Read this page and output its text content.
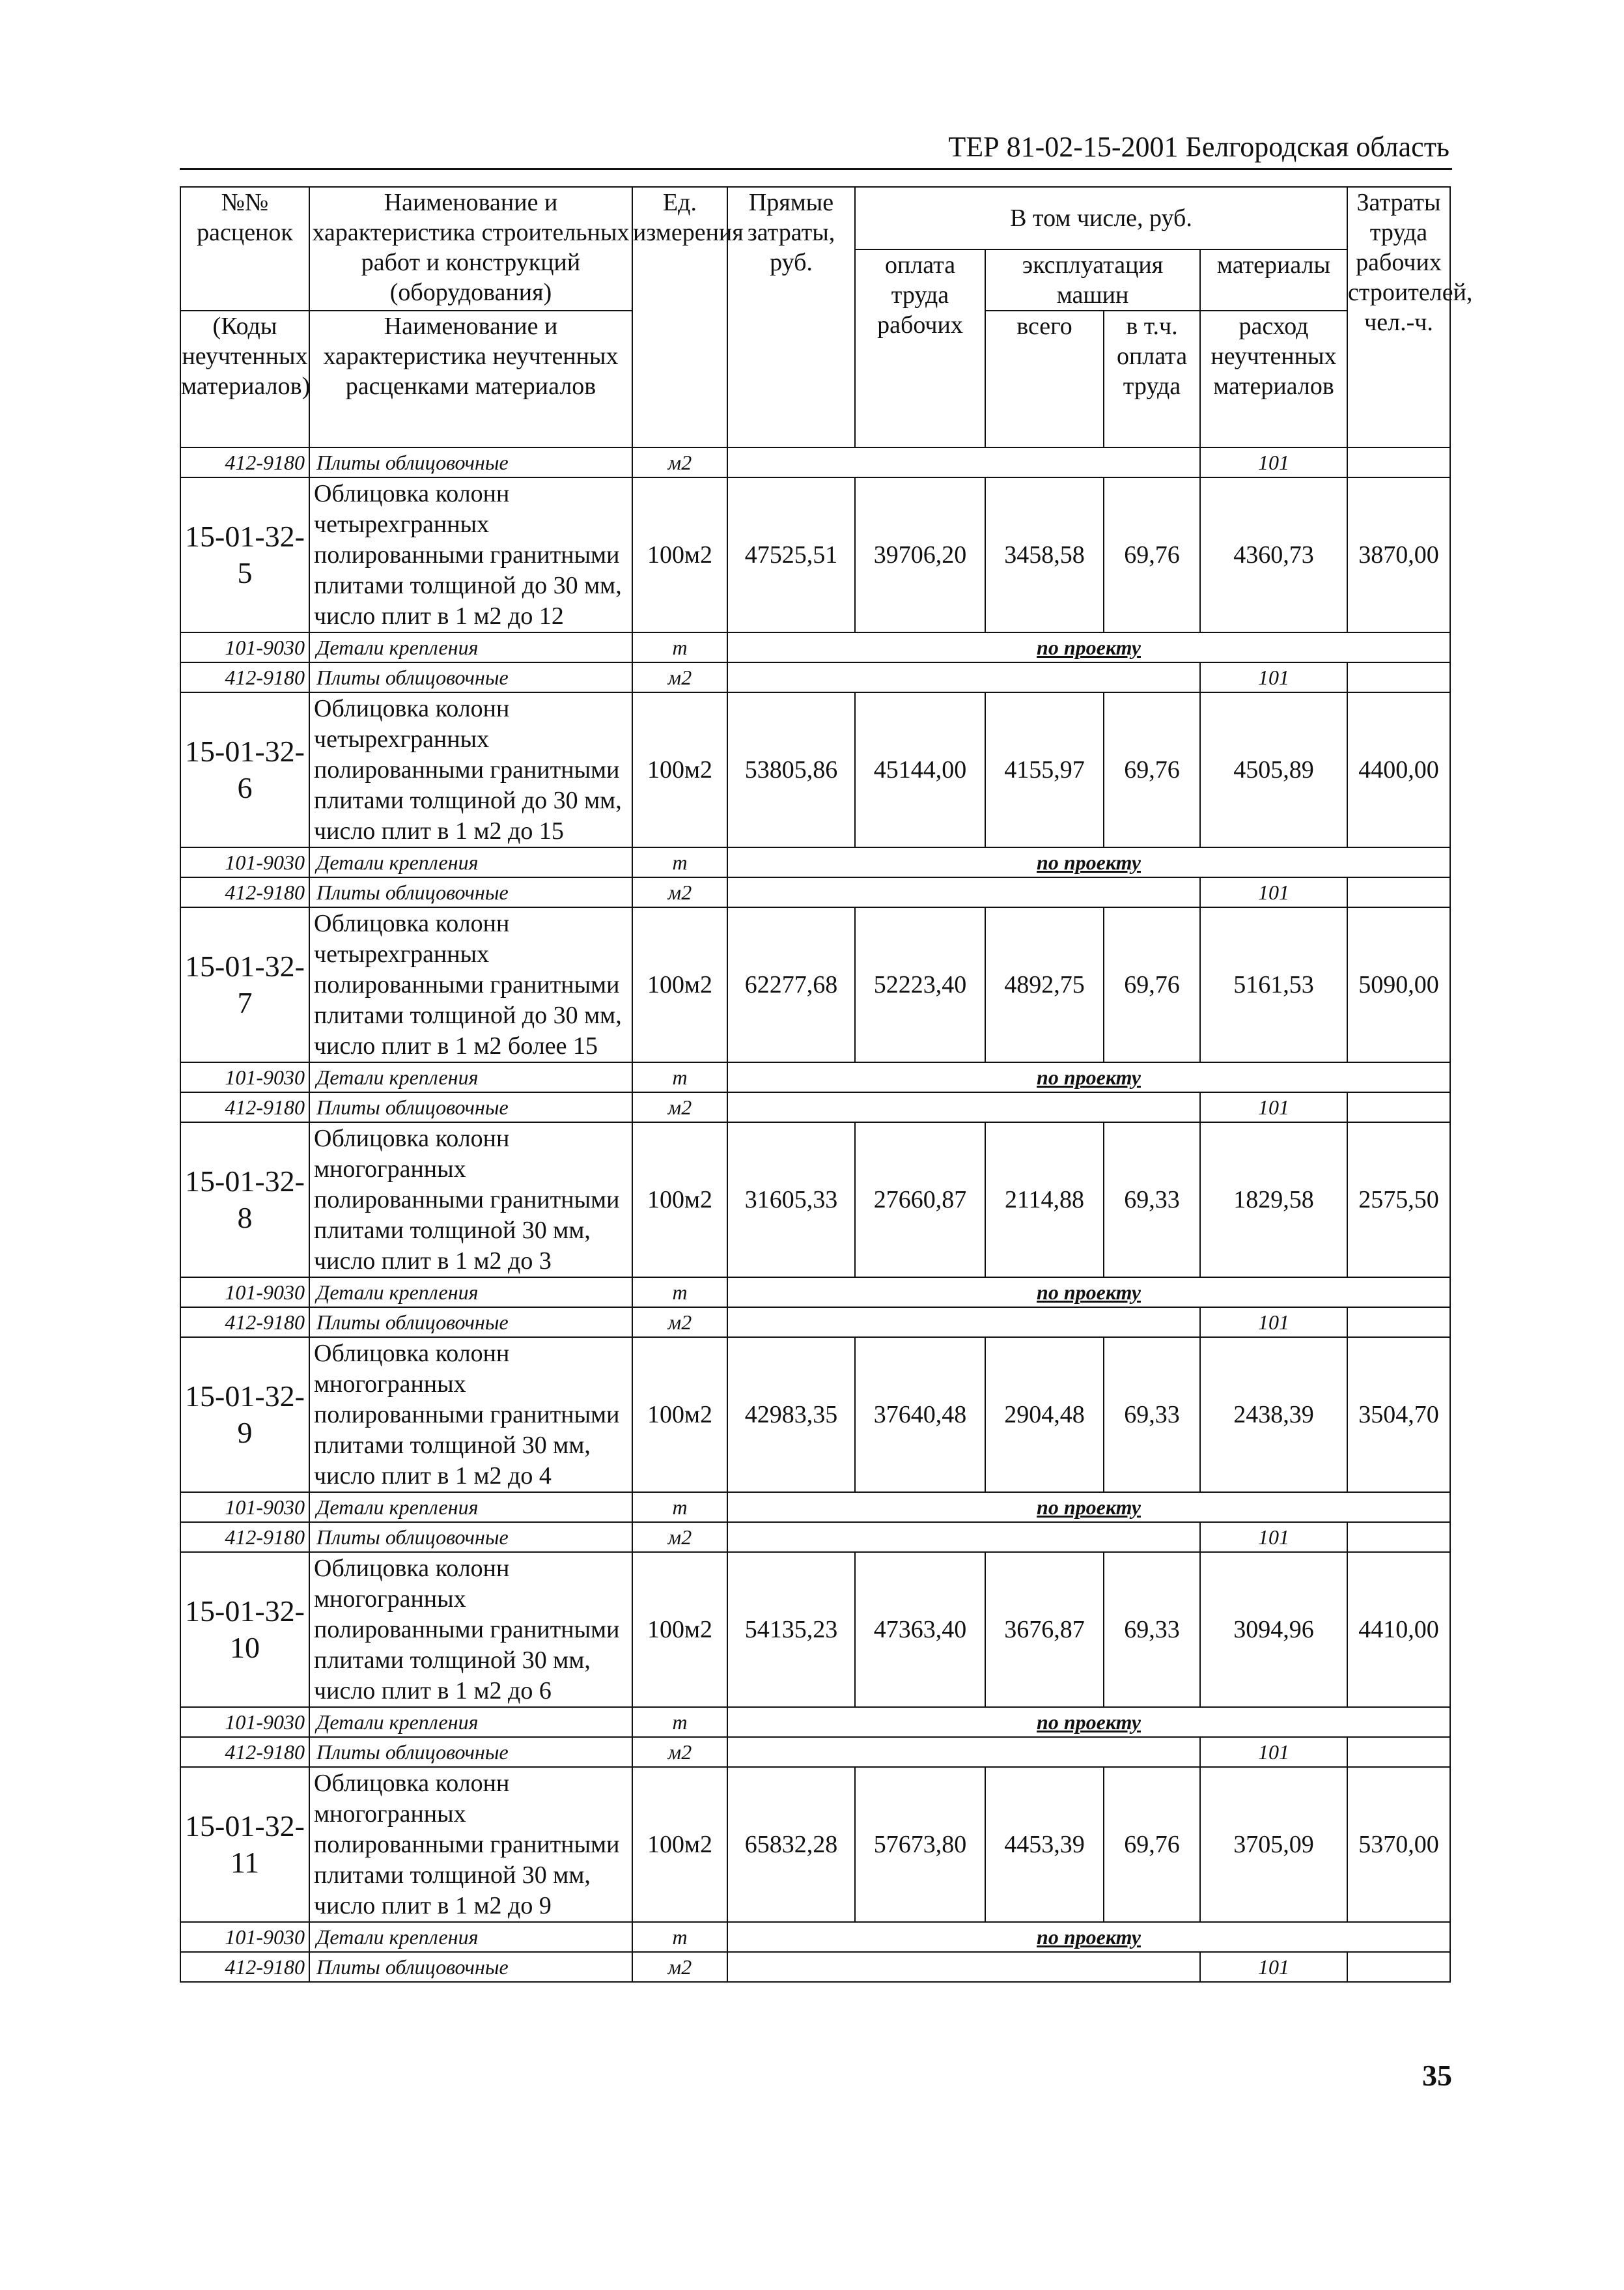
ТЕР 81-02-15-2001 Белгородская область
№№ расценок	Наименование и характеристика строительных работ и конструкций (оборудования)	Ед. измерения	Прямые затраты, руб.	В том числе, руб.				Затраты труда рабочих строителей, чел.-ч.
				оплата труда рабочих	эксплуатация машин		материалы	
(Коды неучтенных материалов)	Наименование и характеристика неучтенных расценками материалов				всего	в т.ч. оплата труда	расход неучтенных материалов	
412-9180	Плиты облицовочные	м2					101	
15-01-32-5	Облицовка колонн четырехгранных полированными гранитными плитами толщиной до 30 мм, число плит в 1 м2 до 12	100м2	47525,51	39706,20	3458,58	69,76	4360,73	3870,00
101-9030	Детали крепления	т	по проекту					
412-9180	Плиты облицовочные	м2					101	
15-01-32-6	Облицовка колонн четырехгранных полированными гранитными плитами толщиной до 30 мм, число плит в 1 м2 до 15	100м2	53805,86	45144,00	4155,97	69,76	4505,89	4400,00
101-9030	Детали крепления	т	по проекту					
412-9180	Плиты облицовочные	м2					101	
15-01-32-7	Облицовка колонн четырехгранных полированными гранитными плитами толщиной до 30 мм, число плит в 1 м2 более 15	100м2	62277,68	52223,40	4892,75	69,76	5161,53	5090,00
101-9030	Детали крепления	т	по проекту					
412-9180	Плиты облицовочные	м2					101	
15-01-32-8	Облицовка колонн многогранных полированными гранитными плитами толщиной 30 мм, число плит в 1 м2 до 3	100м2	31605,33	27660,87	2114,88	69,33	1829,58	2575,50
101-9030	Детали крепления	т	по проекту					
412-9180	Плиты облицовочные	м2					101	
15-01-32-9	Облицовка колонн многогранных полированными гранитными плитами толщиной 30 мм, число плит в 1 м2 до 4	100м2	42983,35	37640,48	2904,48	69,33	2438,39	3504,70
101-9030	Детали крепления	т	по проекту					
412-9180	Плиты облицовочные	м2					101	
15-01-32-10	Облицовка колонн многогранных полированными гранитными плитами толщиной 30 мм, число плит в 1 м2 до 6	100м2	54135,23	47363,40	3676,87	69,33	3094,96	4410,00
101-9030	Детали крепления	т	по проекту					
412-9180	Плиты облицовочные	м2					101	
15-01-32-11	Облицовка колонн многогранных полированными гранитными плитами толщиной 30 мм, число плит в 1 м2 до 9	100м2	65832,28	57673,80	4453,39	69,76	3705,09	5370,00
101-9030	Детали крепления	т	по проекту					
412-9180	Плиты облицовочные	м2					101	
35
